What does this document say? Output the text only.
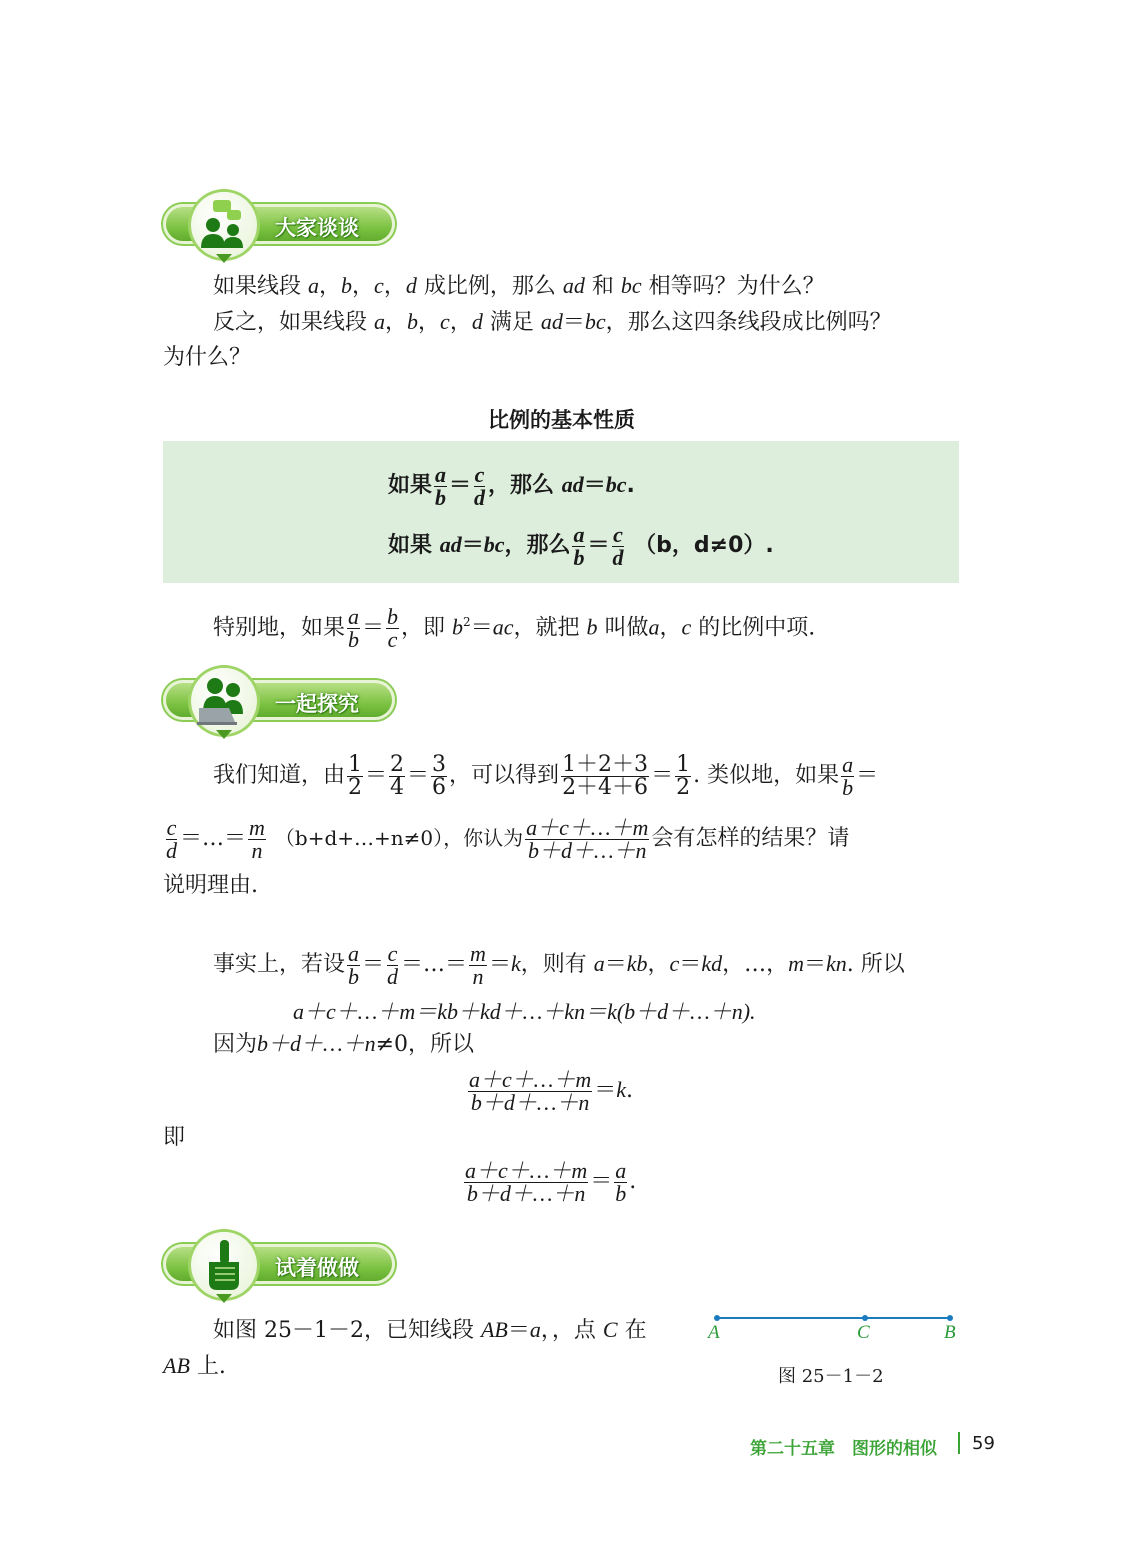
大家谈谈
如果线段 a，b，c，d 成比例，那么 ad 和 bc 相等吗？为什么？
反之，如果线段 a，b，c，d 满足 ad＝bc，那么这四条线段成比例吗？
为什么？
比例的基本性质
如果 $\frac{a}{b} = \frac{c}{d}$ ，那么 ad＝bc.
如果 ad＝bc，那么 $\frac{a}{b} = \frac{c}{d} (b$，d≠0）.
特别地，如果 $\frac{a}{b} = \frac{b}{c}$ ，即 $b^2=ac$，就把 b 叫做a，c 的比例中项.
一起探究
我们知道，由 $\frac{1}{2} = \frac{2}{4} = \frac{3}{6}$ ，可以得到 $\frac{1+2+3}{2+4+6} = \frac{1}{2}$ . 类似地，如果 $\frac{a}{b}$ ＝
$\frac{c}{d}$ ＝…＝ $\frac{m}{n}$ （b+d+…+n≠0），你认为 $\frac{a+c+\dots+m}{b+d+\dots+n}$ 会有怎样的结果？请
说明理由.
事实上，若设 $\frac{a}{b} = \frac{c}{d}$ ＝…＝ $\frac{m}{n} =k$，则有 a＝kb，c＝kd，…，m＝kn. 所以
a＋c＋…＋m＝kb＋kd＋…＋kn＝k(b＋d＋…＋n).
因为b＋d＋…＋n≠0，所以
$\frac{a+c+\dots+m}{b+d+\dots+n} =k$.
即
$\frac{a+c+\dots+m}{b+d+\dots+n} = \frac{a}{b}$ .
试着做做
如图 25－1－2，已知线段 AB＝a，，点 C 在
AB 上.
A	C	B
图 25－1－2
第二十五章　图形的相似 59
